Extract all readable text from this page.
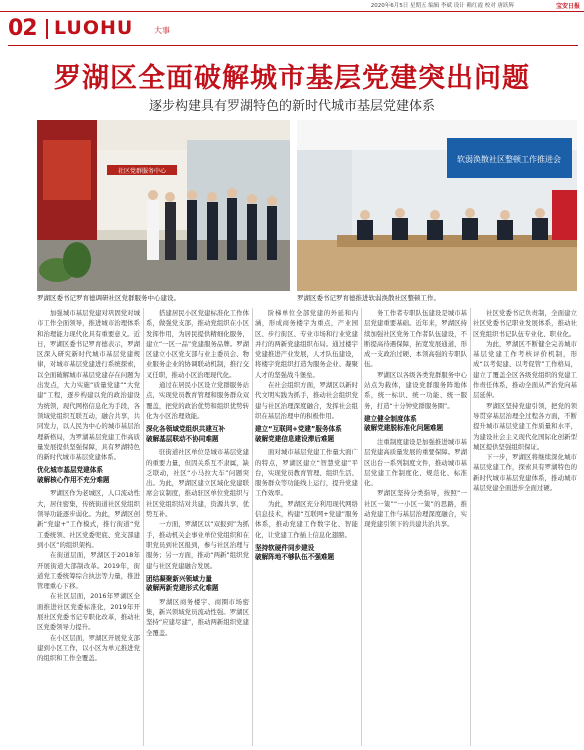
2020年6月5日 星期五 编辑 李斌 设计 赖红霞 校对 唐跃辉	宝安日报
02 LUOHU	大事
罗湖区全面破解城市基层党建突出问题
逐步构建具有罗湖特色的新时代城市基层党建体系
社区党群服务中心
罗湖区委书记罗育德调研社区党群服务中心建设。
软弱涣散社区整顿工作推进会
罗湖区委书记罗育德推进软弱涣散社区整顿工作。

加强城市基层党建对巩固党对城市工作全面领导，推进城市治理体系和治理能力现代化具有重要意义。近日，罗湖区委书记罗育德表示，罗湖区深入研究新时代城市基层党建规律，对城市基层党建进行系统探索，以全面破解城市基层党建存在问题为出发点，大力实施“质量党建”“大党建”工程，逐步构建以党的政治建设为统领，现代网格信息化为手段，各领域党组织互联互动，融合共享，共同发力，以人民为中心的城市基层治理新格局，为罗湖基层党建工作高质量发展提供坚强保障，具有罗湖特色的新时代城市基层党建体系。

优化城市基层党建体系
破解核心作用不充分难题

罗湖区作为老城区，人口流动性大，居住密集，传统街道社区党组织领导功能逐步弱化。为此，罗湖区创新“党建+”工作模式，推行街道“党工委统领、社区党委兜底、党支部建到小区”的组织架构。

在街道层面，罗湖区于2018年开展街道大部制改革。2019年，街道党工委统筹综合执法等力量，推进管理重心下移。

在社区层面，2016年罗湖区全面推进社区党委标准化，2019年开展社区党委书记专职化改革，推动社区党委领导力提升。

在小区层面，罗湖区开展党支部建到小区工作，以小区为单元推进党的组织和工作全覆盖。

搭建居民小区党建标准化工作体系，做强党支部，推动党组织在小区发挥作用，为居民提供精细化服务，建立“一区一品”党建服务品牌。罗湖区建立小区党支部与业主委员会、物业服务企业的协调联动机制，推行交叉任职，推动小区治理现代化。

通过在居民小区设立党群服务站点，实现党员教育管理和服务群众双覆盖，把党的政治优势和组织优势转化为小区治理效能。

深化各领域党组织共建互补
破解基层联动不协同难题

驻街道社区单位是城市基层党建的重要力量，但因关系互不隶属，缺乏联动，社区“小马拉大车”问题突出。为此，罗湖区建立区域化党建联席会议制度，推动驻区单位党组织与社区党组织结对共建，资源共享，优势互补。

一方面，罗湖区以“双报到”为抓手，推动机关企事业单位党组织和在职党员到社区报到，参与社区治理与服务；另一方面，推动“两新”组织党建与社区党建融合发展。

团结凝聚新兴领域力量
破解两新党建形式化难题

罗湖区商务楼宇、商圈市场密集，新兴领域党员流动性强。罗湖区坚持“应建尽建”，推动两新组织党建全覆盖。

阶梯单位全部党建的外延和内涵，形成商务楼宇为重点，产业园区、步行街区、专业市场和行业党建并行的两新党建组织布局。通过楼宇党建推进产业发展，人才队伍建设，将楼宇党组织打造为服务企业、凝聚人才的坚强战斗堡垒。

在社会组织方面，罗湖区以新时代文明实践为抓手，推动社会组织党建与社区治理深度融合，发挥社会组织在基层治理中的积极作用。

建立“互联网+党建”服务体系
破解党建信息建设滞后难题

面对城市基层党建工作量大面广的特点，罗湖区建立“智慧党建”平台，实现党员教育管理、组织生活、服务群众等功能线上运行，提升党建工作效率。

为此，罗湖区充分利用现代网络信息技术，构建“互联网+党建”服务体系，推动党建工作数字化、智能化，让党建工作插上信息化翅膀。

坚持软硬件同步建设
破解阵地不够队伍不强难题

务工作者专职队伍建设是城市基层党建重要基础。近年来，罗湖区持续加强社区党务工作者队伍建设，不断提高待遇保障，拓宽发展通道，形成一支政治过硬、本领高强的专职队伍。

罗湖区以各级各类党群服务中心站点为载体，建设党群服务阵地体系，统一标识、统一功能、统一服务，打造“十分钟党群服务圈”。

建立健全制度体系
破解党建脱标准化问题难题

注重制度建设是加强推进城市基层党建高质量发展的重要保障。罗湖区出台一系列制度文件，推动城市基层党建工作制度化、规范化、标准化。

罗湖区坚持分类指导，按照“一社区一策”“一小区一策”的思路，推动党建工作与基层治理深度融合，实现党建引领下的共建共治共享。

社区党委书记负责制，全面建立社区党委书记职业发展体系，推动社区党组织书记队伍专业化、职业化。

为此，罗湖区不断健全完善城市基层党建工作考核评价机制，形成“以考促建、以考促管”工作格局，建立了覆盖全区各级党组织的党建工作责任体系，推动全面从严治党向基层延伸。

罗湖区坚持党建引领，把党的领导贯穿基层治理全过程各方面，不断提升城市基层党建工作质量和水平，为建设社会主义现代化国际化创新型城区提供坚强组织保证。

下一步，罗湖区将继续深化城市基层党建工作，探索具有罗湖特色的新时代城市基层党建体系，推动城市基层党建全面进步全面过硬。
